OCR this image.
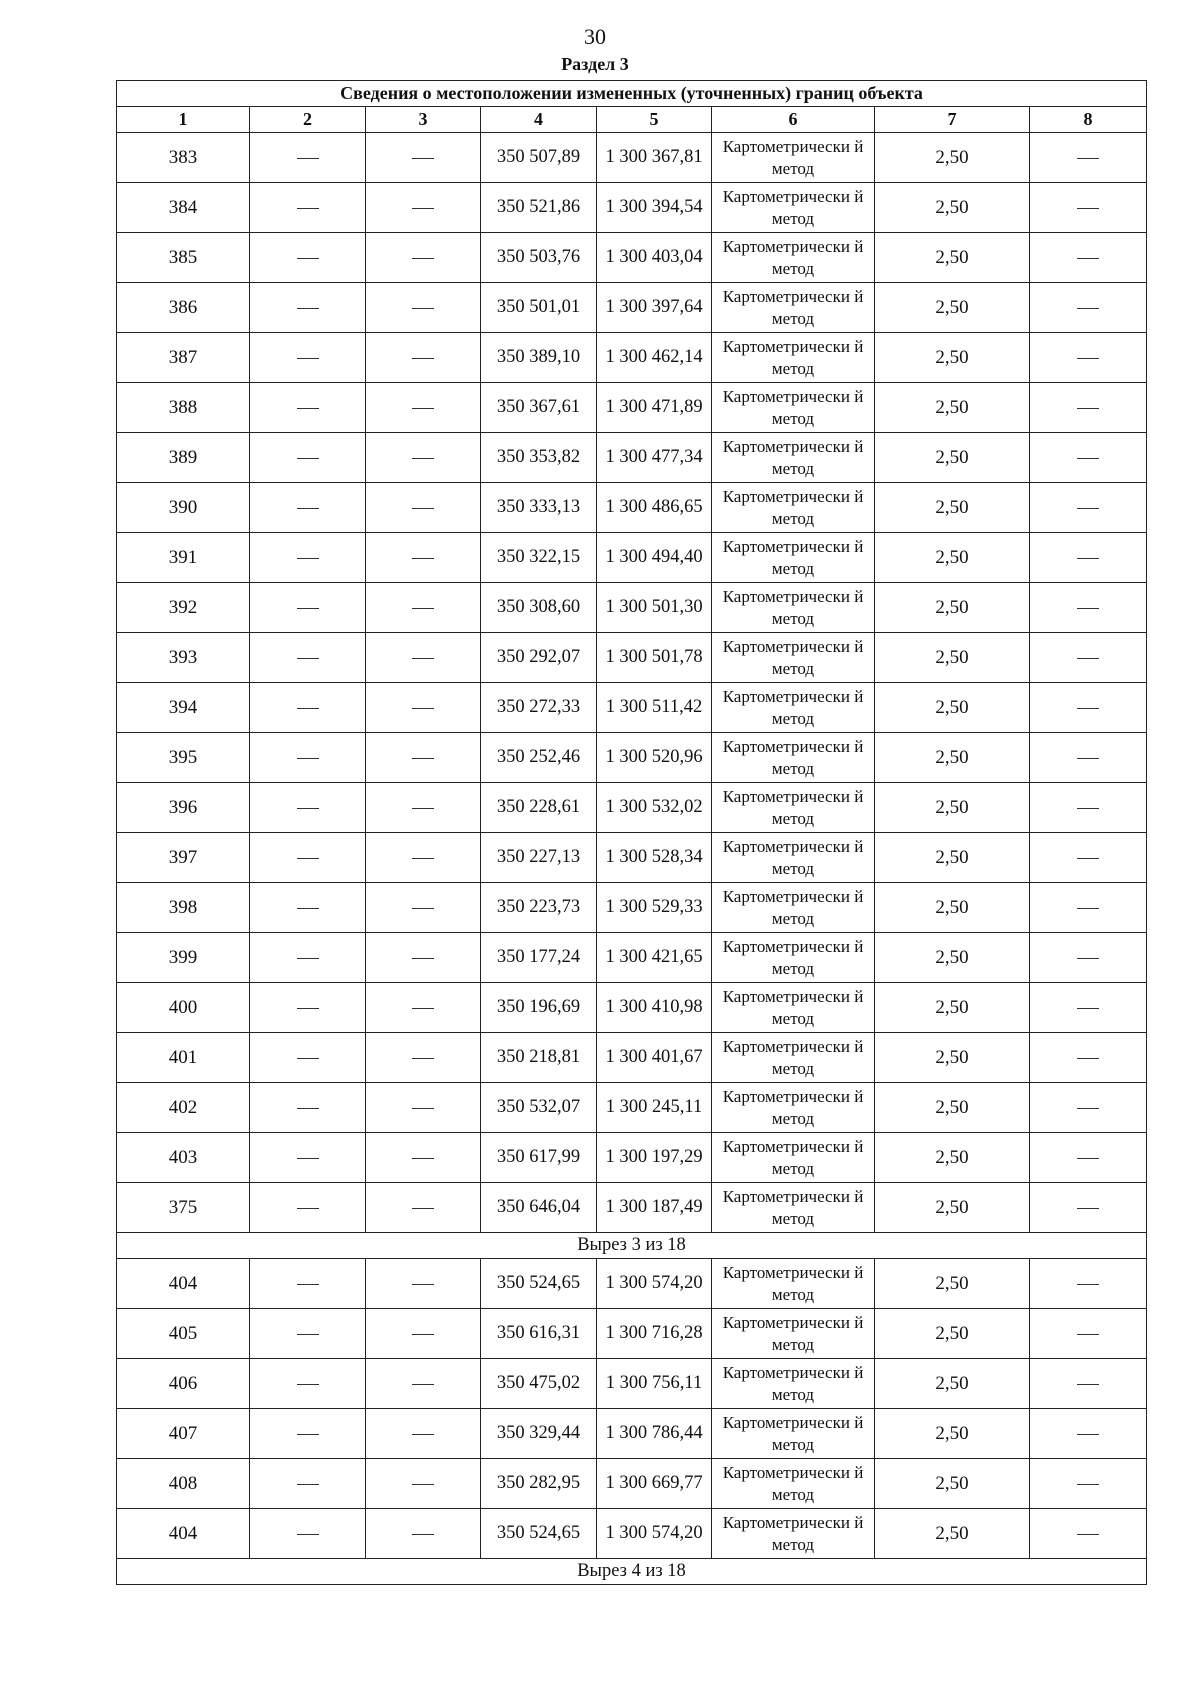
30
Раздел 3
Сведения о местоположении измененных (уточненных) границ объекта							
1	2	3	4	5	6	7	8
383			350 507,89	1 300 367,81	Картометрически й метод	2,50	
384			350 521,86	1 300 394,54	Картометрически й метод	2,50	
385			350 503,76	1 300 403,04	Картометрически й метод	2,50	
386			350 501,01	1 300 397,64	Картометрически й метод	2,50	
387			350 389,10	1 300 462,14	Картометрически й метод	2,50	
388			350 367,61	1 300 471,89	Картометрически й метод	2,50	
389			350 353,82	1 300 477,34	Картометрически й метод	2,50	
390			350 333,13	1 300 486,65	Картометрически й метод	2,50	
391			350 322,15	1 300 494,40	Картометрически й метод	2,50	
392			350 308,60	1 300 501,30	Картометрически й метод	2,50	
393			350 292,07	1 300 501,78	Картометрически й метод	2,50	
394			350 272,33	1 300 511,42	Картометрически й метод	2,50	
395			350 252,46	1 300 520,96	Картометрически й метод	2,50	
396			350 228,61	1 300 532,02	Картометрически й метод	2,50	
397			350 227,13	1 300 528,34	Картометрически й метод	2,50	
398			350 223,73	1 300 529,33	Картометрически й метод	2,50	
399			350 177,24	1 300 421,65	Картометрически й метод	2,50	
400			350 196,69	1 300 410,98	Картометрически й метод	2,50	
401			350 218,81	1 300 401,67	Картометрически й метод	2,50	
402			350 532,07	1 300 245,11	Картометрически й метод	2,50	
403			350 617,99	1 300 197,29	Картометрически й метод	2,50	
375			350 646,04	1 300 187,49	Картометрически й метод	2,50	
Вырез 3 из 18							
404			350 524,65	1 300 574,20	Картометрически й метод	2,50	
405			350 616,31	1 300 716,28	Картометрически й метод	2,50	
406			350 475,02	1 300 756,11	Картометрически й метод	2,50	
407			350 329,44	1 300 786,44	Картометрически й метод	2,50	
408			350 282,95	1 300 669,77	Картометрически й метод	2,50	
404			350 524,65	1 300 574,20	Картометрически й метод	2,50	
Вырез 4 из 18							
